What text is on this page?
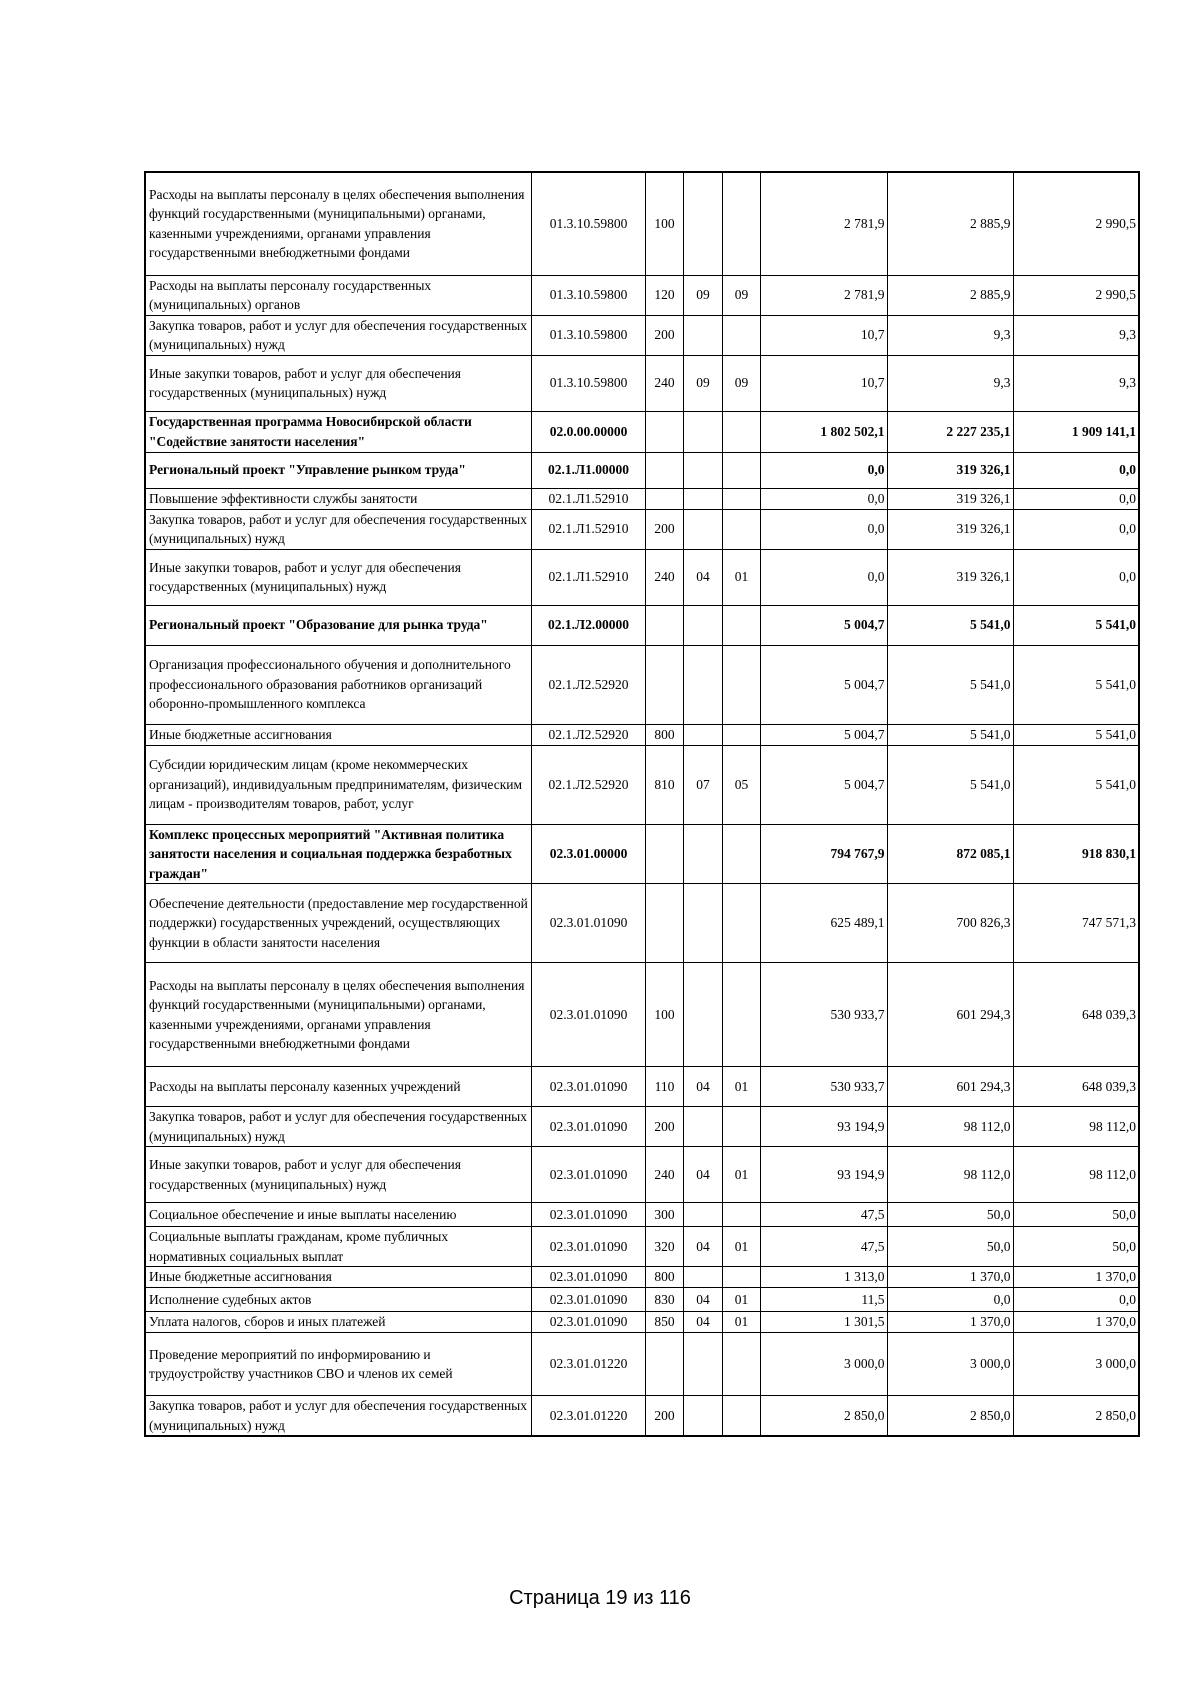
Расходы на выплаты персоналу в целях обеспечения выполнения функций государственными (муниципальными) органами, казенными учреждениями, органами управления государственными внебюджетными фондами	01.3.10.59800	100			2 781,9	2 885,9	2 990,5
Расходы на выплаты персоналу государственных (муниципальных) органов	01.3.10.59800	120	09	09	2 781,9	2 885,9	2 990,5
Закупка товаров, работ и услуг для обеспечения государственных (муниципальных) нужд	01.3.10.59800	200			10,7	9,3	9,3
Иные закупки товаров, работ и услуг для обеспечения государственных (муниципальных) нужд	01.3.10.59800	240	09	09	10,7	9,3	9,3
Государственная программа Новосибирской области "Содействие занятости населения"	02.0.00.00000				1 802 502,1	2 227 235,1	1 909 141,1
Региональный проект "Управление рынком труда"	02.1.Л1.00000				0,0	319 326,1	0,0
Повышение эффективности службы занятости	02.1.Л1.52910				0,0	319 326,1	0,0
Закупка товаров, работ и услуг для обеспечения государственных (муниципальных) нужд	02.1.Л1.52910	200			0,0	319 326,1	0,0
Иные закупки товаров, работ и услуг для обеспечения государственных (муниципальных) нужд	02.1.Л1.52910	240	04	01	0,0	319 326,1	0,0
Региональный проект "Образование для рынка труда"	02.1.Л2.00000				5 004,7	5 541,0	5 541,0
Организация профессионального обучения и дополнительного профессионального образования работников организаций оборонно-промышленного комплекса	02.1.Л2.52920				5 004,7	5 541,0	5 541,0
Иные бюджетные ассигнования	02.1.Л2.52920	800			5 004,7	5 541,0	5 541,0
Субсидии юридическим лицам (кроме некоммерческих организаций), индивидуальным предпринимателям, физическим лицам - производителям товаров, работ, услуг	02.1.Л2.52920	810	07	05	5 004,7	5 541,0	5 541,0
Комплекс процессных мероприятий "Активная политика занятости населения и социальная поддержка безработных граждан"	02.3.01.00000				794 767,9	872 085,1	918 830,1
Обеспечение деятельности (предоставление мер государственной поддержки) государственных учреждений, осуществляющих функции в области занятости населения	02.3.01.01090				625 489,1	700 826,3	747 571,3
Расходы на выплаты персоналу в целях обеспечения выполнения функций государственными (муниципальными) органами, казенными учреждениями, органами управления государственными внебюджетными фондами	02.3.01.01090	100			530 933,7	601 294,3	648 039,3
Расходы на выплаты персоналу казенных учреждений	02.3.01.01090	110	04	01	530 933,7	601 294,3	648 039,3
Закупка товаров, работ и услуг для обеспечения государственных (муниципальных) нужд	02.3.01.01090	200			93 194,9	98 112,0	98 112,0
Иные закупки товаров, работ и услуг для обеспечения государственных (муниципальных) нужд	02.3.01.01090	240	04	01	93 194,9	98 112,0	98 112,0
Социальное обеспечение и иные выплаты населению	02.3.01.01090	300			47,5	50,0	50,0
Социальные выплаты гражданам, кроме публичных нормативных социальных выплат	02.3.01.01090	320	04	01	47,5	50,0	50,0
Иные бюджетные ассигнования	02.3.01.01090	800			1 313,0	1 370,0	1 370,0
Исполнение судебных актов	02.3.01.01090	830	04	01	11,5	0,0	0,0
Уплата налогов, сборов и иных платежей	02.3.01.01090	850	04	01	1 301,5	1 370,0	1 370,0
Проведение мероприятий по информированию и трудоустройству участников СВО и членов их семей	02.3.01.01220				3 000,0	3 000,0	3 000,0
Закупка товаров, работ и услуг для обеспечения государственных (муниципальных) нужд	02.3.01.01220	200			2 850,0	2 850,0	2 850,0
Страница 19 из 116
